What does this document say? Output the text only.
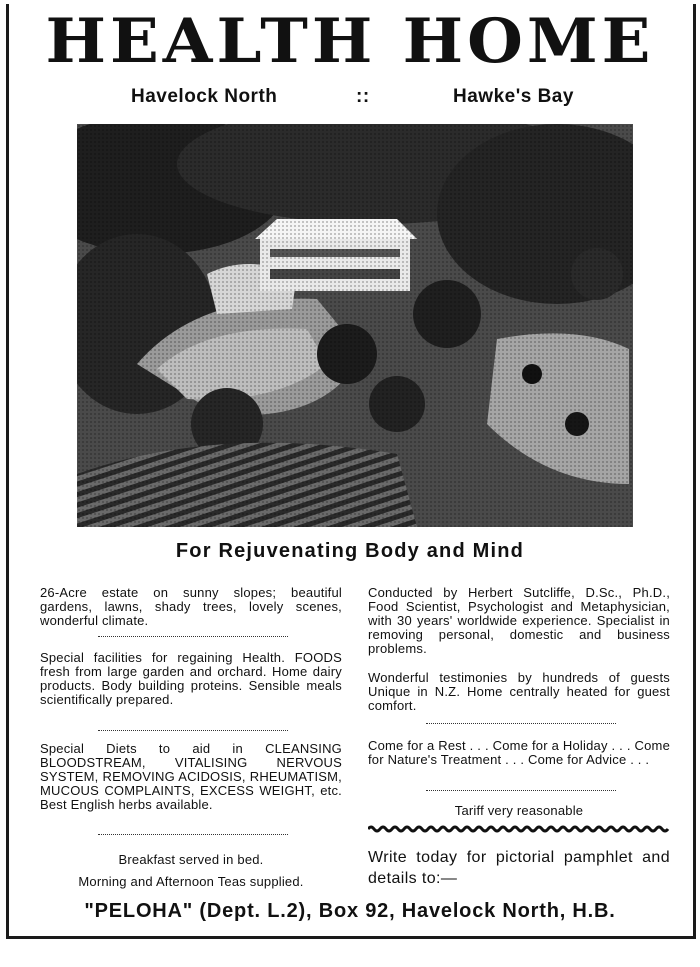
HEALTH HOME
Havelock North	::	Hawke's Bay
For Rejuvenating Body and Mind

26-Acre estate on sunny slopes; beautiful gardens, lawns, shady trees, lovely scenes, wonderful climate.

Special facilities for regaining Health. FOODS fresh from large garden and orchard. Home dairy products. Body building proteins. Sensible meals scientifically prepared.

Special Diets to aid in CLEANSING BLOODSTREAM, VITALISING NERVOUS SYSTEM, REMOVING ACIDOSIS, RHEUMATISM, MUCOUS COMPLAINTS, EXCESS WEIGHT, etc. Best English herbs available.

Breakfast served in bed.

Morning and Afternoon Teas supplied.

Conducted by Herbert Sutcliffe, D.Sc., Ph.D., Food Scientist, Psychologist and Metaphysician, with 30 years' worldwide experience. Specialist in removing personal, domestic and business problems.

Wonderful testimonies by hundreds of guests Unique in N.Z. Home centrally heated for guest comfort.

Come for a Rest . . . Come for a Holiday . . . Come for Nature's Treatment . . . Come for Advice . . .

Tariff very reasonable

Write today for pictorial pamphlet and details to:—

"PELOHA" (Dept. L.2), Box 92, Havelock North, H.B.
